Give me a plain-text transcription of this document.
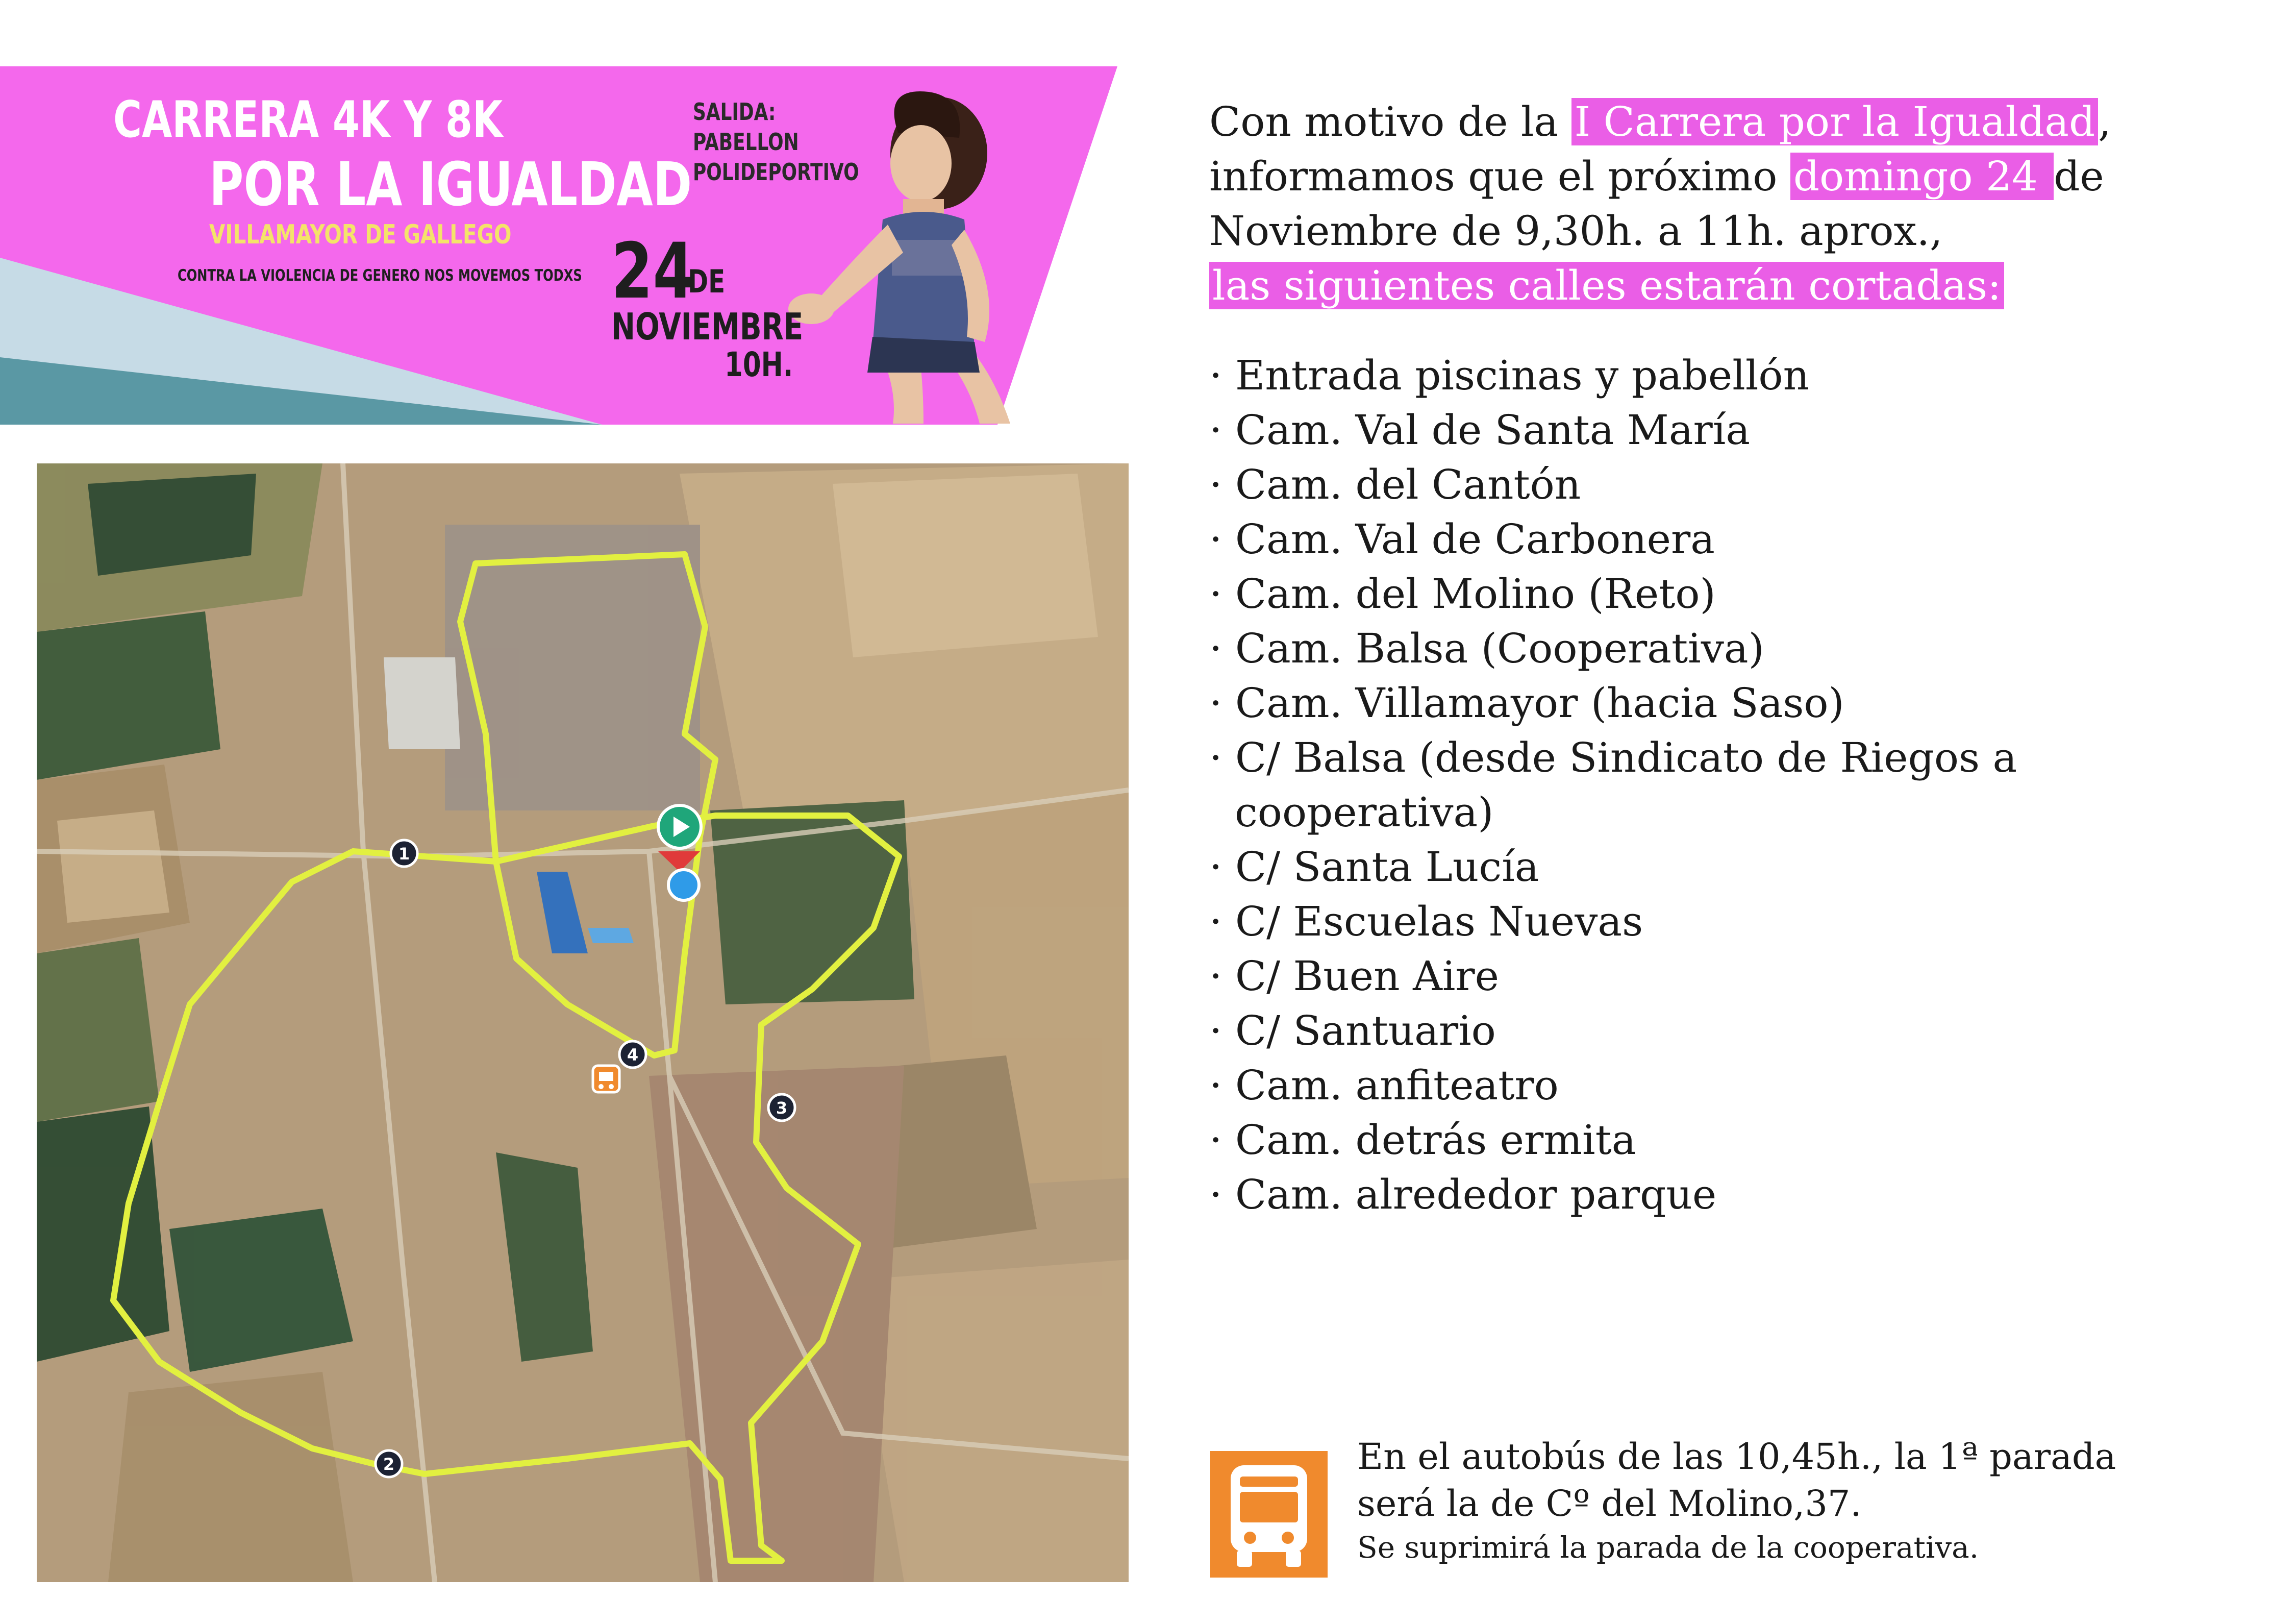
CARRERA 4K Y 8K
POR LA IGUALDAD
VILLAMAYOR DE GALLEGO
CONTRA LA VIOLENCIA DE GENERO NOS MOVEMOS TODXS
SALIDA:
PABELLON
POLIDEPORTIVO
24
DE
NOVIEMBRE
10H.
1
2
3
4
Con motivo de la I Carrera por la Igualdad,
informamos que el próximo domingo 24 de
Noviembre de 9,30h. a 11h. aprox.,
las siguientes calles estarán cortadas:
· Entrada piscinas y pabellón
· Cam. Val de Santa María
· Cam. del Cantón
· Cam. Val de Carbonera
· Cam. del Molino (Reto)
· Cam. Balsa (Cooperativa)
· Cam. Villamayor (hacia Saso)
· C/ Balsa (desde Sindicato de Riegos a cooperativa)
· C/ Santa Lucía
· C/ Escuelas Nuevas
· C/ Buen Aire
· C/ Santuario
· Cam. anfiteatro
· Cam. detrás ermita
· Cam. alrededor parque
En el autobús de las 10,45h., la 1ª parada
será la de Cº del Molino,37.
Se suprimirá la parada de la cooperativa.
